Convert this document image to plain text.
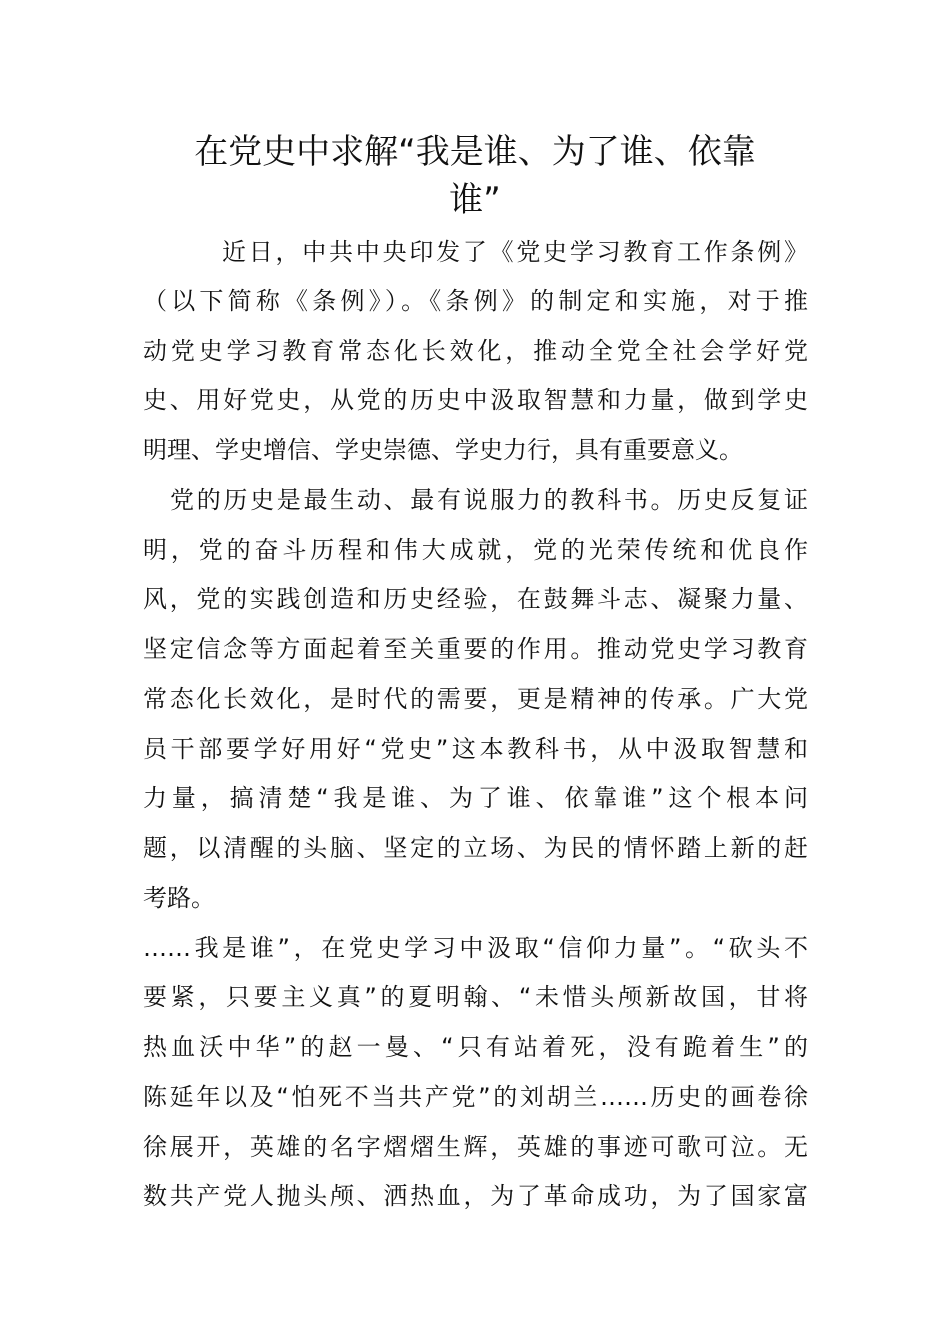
在党史中求解“我是谁、为了谁、依靠
谁”
近日，中共中央印发了《党史学习教育工作条例》
（以下简称《条例》）。《条例》的制定和实施，对于推
动党史学习教育常态化长效化，推动全党全社会学好党
史、用好党史，从党的历史中汲取智慧和力量，做到学史
明理、学史增信、学史崇德、学史力行，具有重要意义。
党的历史是最生动、最有说服力的教科书。历史反复证
明，党的奋斗历程和伟大成就，党的光荣传统和优良作
风，党的实践创造和历史经验，在鼓舞斗志、凝聚力量、
坚定信念等方面起着至关重要的作用。推动党史学习教育
常态化长效化，是时代的需要，更是精神的传承。广大党
员干部要学好用好“党史”这本教科书，从中汲取智慧和
力量，搞清楚“我是谁、为了谁、依靠谁”这个根本问
题，以清醒的头脑、坚定的立场、为民的情怀踏上新的赶
考路。
……我是谁”，在党史学习中汲取“信仰力量”。“砍头不
要紧，只要主义真”的夏明翰、“未惜头颅新故国，甘将
热血沃中华”的赵一曼、“只有站着死，没有跪着生”的
陈延年以及“怕死不当共产党”的刘胡兰……历史的画卷徐
徐展开，英雄的名字熠熠生辉，英雄的事迹可歌可泣。无
数共产党人抛头颅、洒热血，为了革命成功，为了国家富
